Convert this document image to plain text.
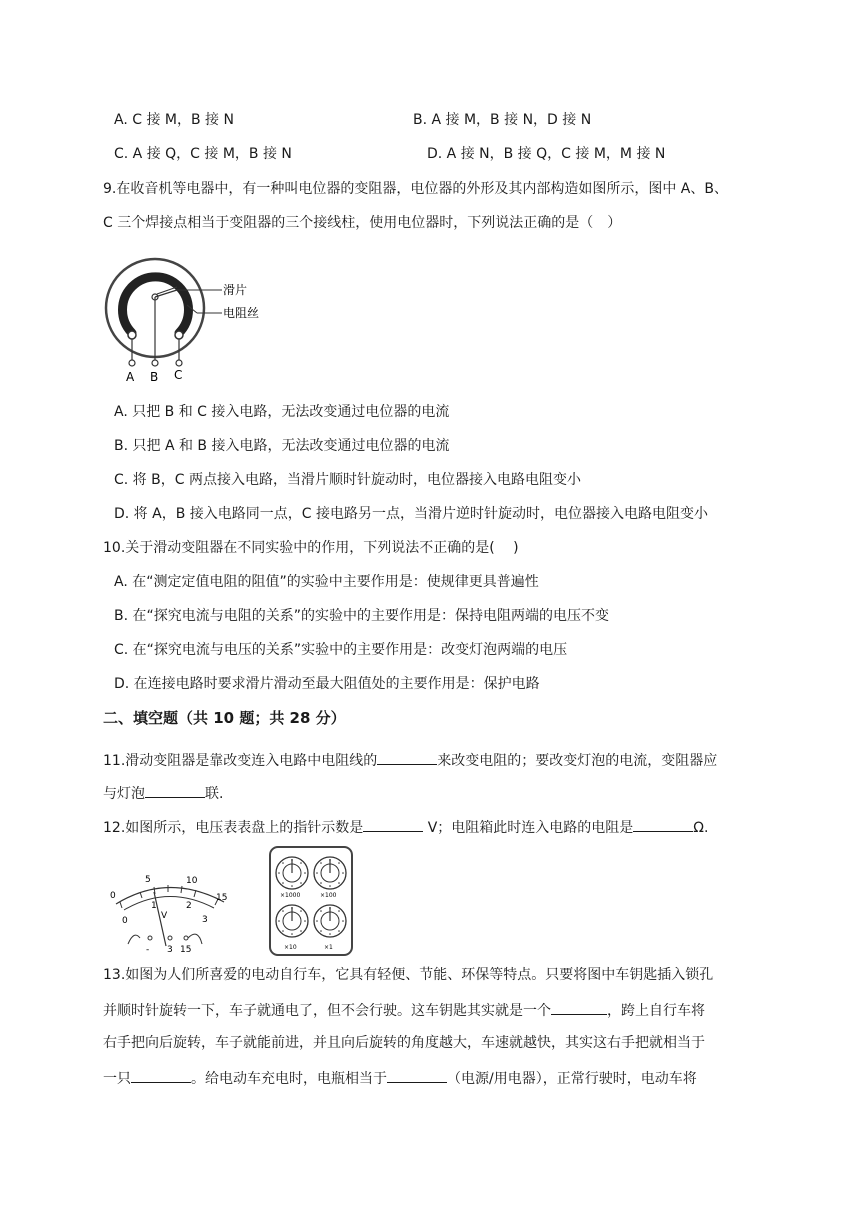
A. C 接 M，B 接 N	B. A 接 M，B 接 N，D 接 N
C. A 接 Q，C 接 M，B 接 N	D. A 接 N，B 接 Q，C 接 M，M 接 N
9.在收音机等电器中，有一种叫电位器的变阻器，电位器的外形及其内部构造如图所示，图中 A、B、
C 三个焊接点相当于变阻器的三个接线柱，使用电位器时，下列说法正确的是（　）
滑片
电阻丝
A B C
A. 只把 B 和 C 接入电路，无法改变通过电位器的电流
B. 只把 A 和 B 接入电路，无法改变通过电位器的电流
C. 将 B，C 两点接入电路，当滑片顺时针旋动时，电位器接入电路电阻变小
D. 将 A，B 接入电路同一点，C 接电路另一点，当滑片逆时针旋动时，电位器接入电路电阻变小
10.关于滑动变阻器在不同实验中的作用，下列说法不正确的是(　 )
A. 在“测定定值电阻的阻值”的实验中主要作用是：使规律更具普遍性
B. 在“探究电流与电阻的关系”的实验中的主要作用是：保持电阻两端的电压不变
C. 在“探究电流与电压的关系”实验中的主要作用是：改变灯泡两端的电压
D. 在连接电路时要求滑片滑动至最大阻值处的主要作用是：保护电路
二、填空题（共 10 题；共 28 分）
11.滑动变阻器是靠改变连入电路中电阻线的	来改变电阻的；要改变灯泡的电流，变阻器应
与灯泡	联.
12.如图所示，电压表表盘上的指针示数是	V；电阻箱此时连入电路的电阻是	Ω.
0
5	10
15
0
1	2
3
V
- 3 15
×1000	×100
×10	×1
13.如图为人们所喜爱的电动自行车，它具有轻便、节能、环保等特点。只要将图中车钥匙插入锁孔
并顺时针旋转一下，车子就通电了，但不会行驶。这车钥匙其实就是一个	，跨上自行车将
右手把向后旋转，车子就能前进，并且向后旋转的角度越大，车速就越快，其实这右手把就相当于
一只	。给电动车充电时，电瓶相当于	（电源/用电器），正常行驶时，电动车将
